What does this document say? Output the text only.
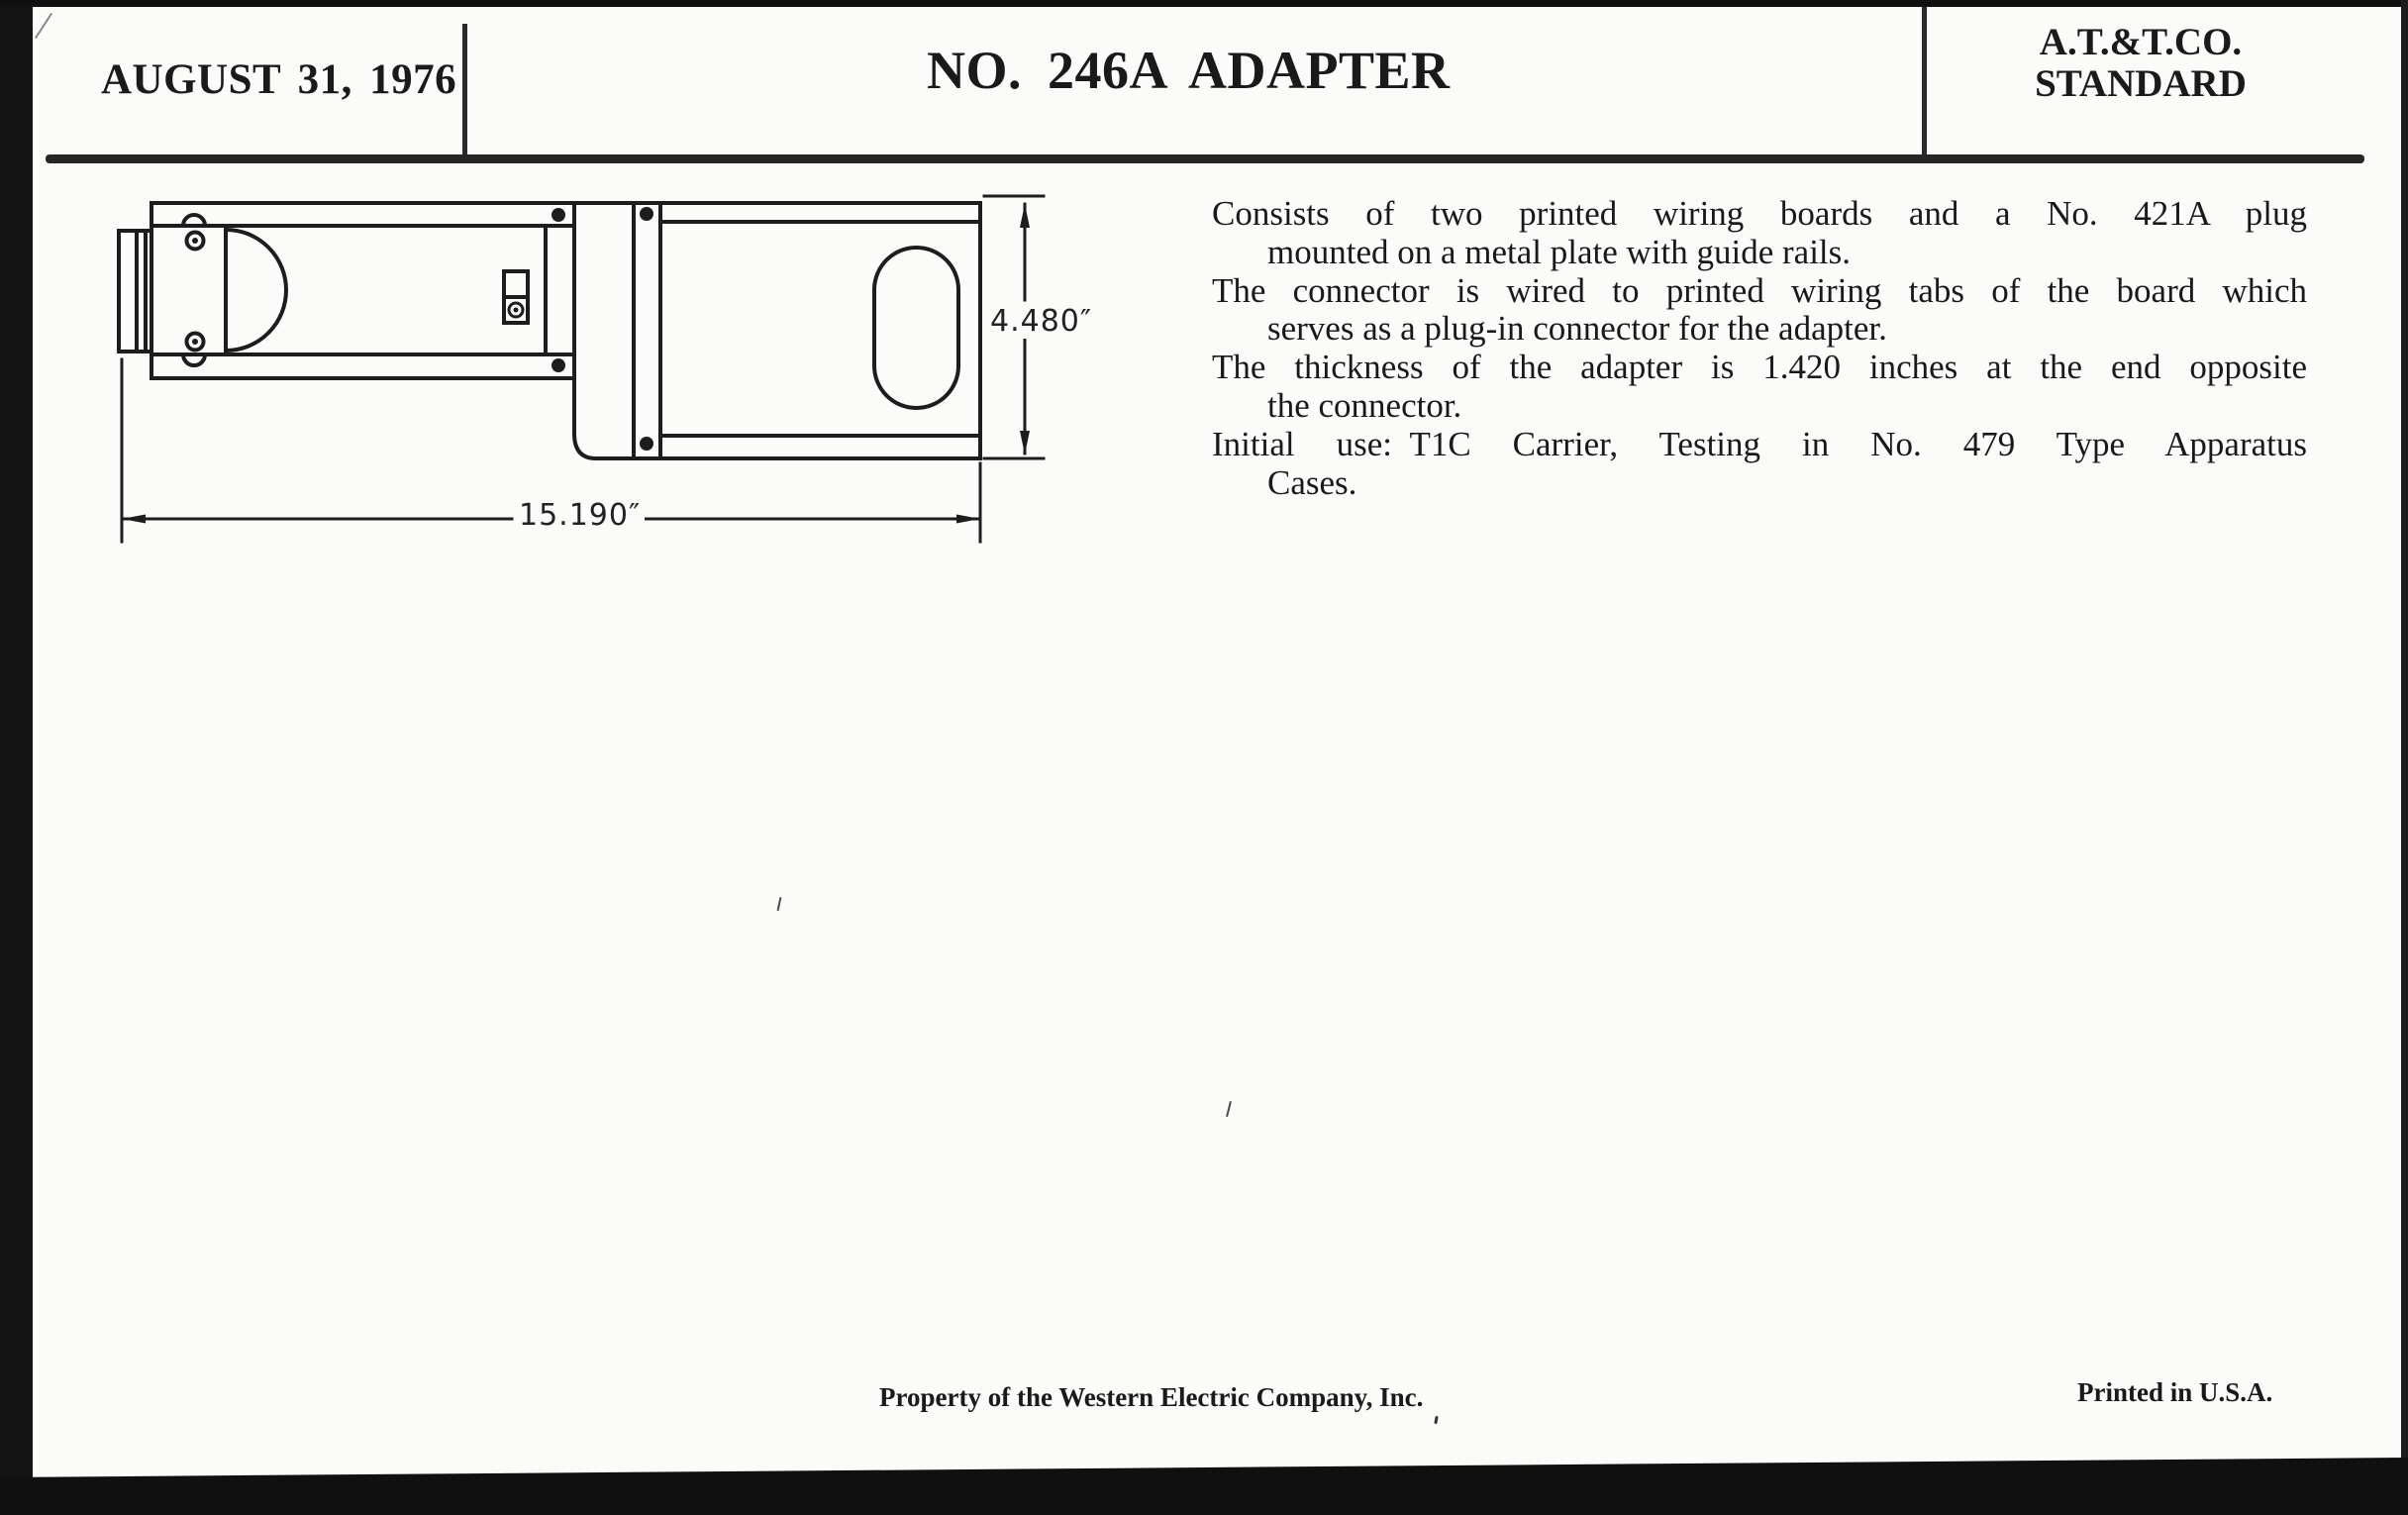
AUGUST 31, 1976	NO. 246A ADAPTER	A.T.&T.CO.
STANDARD
4.480″
15.190″
Consists of two printed wiring boards and a No. 421A plug
mounted on a metal plate with guide rails.
The connector is wired to printed wiring tabs of the board which
serves as a plug-in connector for the adapter.
The thickness of the adapter is 1.420 inches at the end opposite
the connector.
Initial use: T1C Carrier, Testing in No. 479 Type Apparatus
Cases.
Property of the Western Electric Company, Inc.	Printed in U.S.A.
